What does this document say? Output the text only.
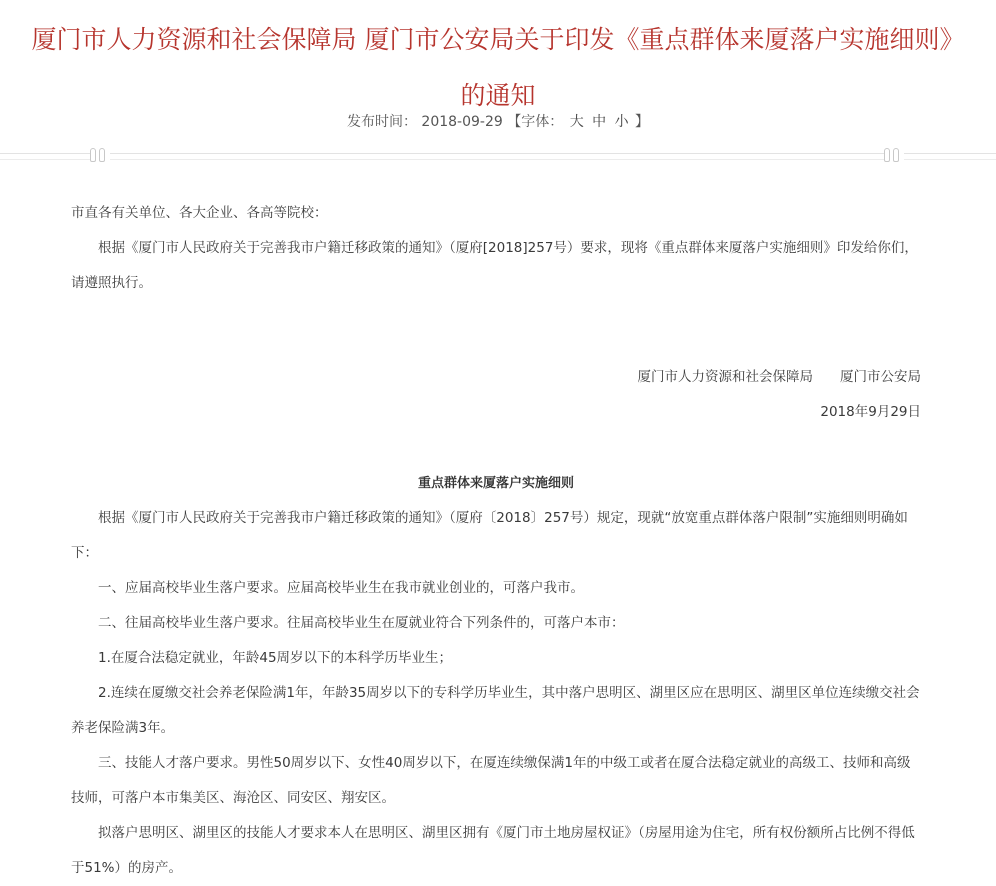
厦门市人力资源和社会保障局 厦门市公安局关于印发《重点群体来厦落户实施细则》的通知
发布时间： 2018-09-29 【字体： 大 中 小 】

市直各有关单位、各大企业、各高等院校：

根据《厦门市人民政府关于完善我市户籍迁移政策的通知》（厦府[2018]257号）要求，现将《重点群体来厦落户实施细则》印发给你们，请遵照执行。

厦门市人力资源和社会保障局　　厦门市公安局

2018年9月29日

重点群体来厦落户实施细则

根据《厦门市人民政府关于完善我市户籍迁移政策的通知》（厦府〔2018〕257号）规定，现就“放宽重点群体落户限制”实施细则明确如下：

一、应届高校毕业生落户要求。应届高校毕业生在我市就业创业的，可落户我市。

二、往届高校毕业生落户要求。往届高校毕业生在厦就业符合下列条件的，可落户本市：

1.在厦合法稳定就业，年龄45周岁以下的本科学历毕业生；

2.连续在厦缴交社会养老保险满1年，年龄35周岁以下的专科学历毕业生，其中落户思明区、湖里区应在思明区、湖里区单位连续缴交社会养老保险满3年。

三、技能人才落户要求。男性50周岁以下、女性40周岁以下，在厦连续缴保满1年的中级工或者在厦合法稳定就业的高级工、技师和高级技师，可落户本市集美区、海沧区、同安区、翔安区。

拟落户思明区、湖里区的技能人才要求本人在思明区、湖里区拥有《厦门市土地房屋权证》（房屋用途为住宅，所有权份额所占比例不得低于51%）的房产。
